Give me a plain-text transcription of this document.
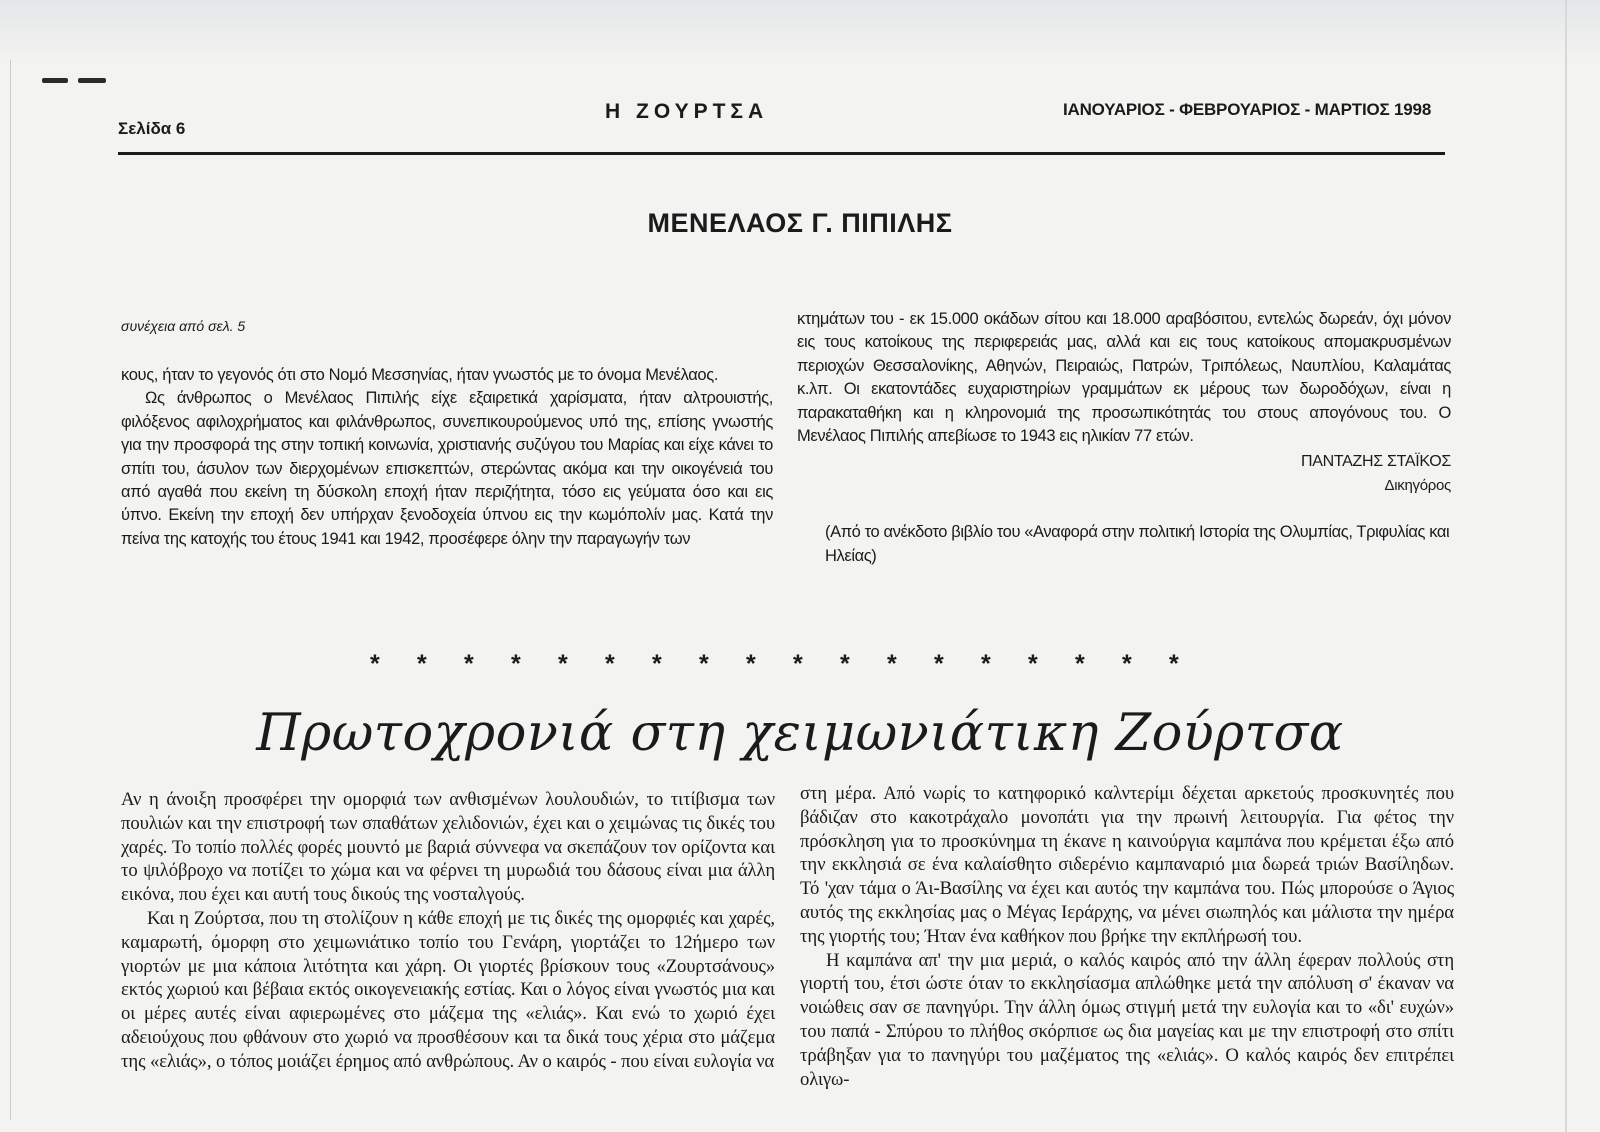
Σελίδα 6
Η ΖΟΥΡΤΣΑ	ΙΑΝΟΥΑΡΙΟΣ - ΦΕΒΡΟΥΑΡΙΟΣ - ΜΑΡΤΙΟΣ 1998
ΜΕΝΕΛΑΟΣ Γ. ΠΙΠΙΛΗΣ
συνέχεια από σελ. 5

κους, ήταν το γεγονός ότι στο Νομό Μεσσηνίας, ήταν γνωστός με το όνομα Μενέλαος.

Ως άνθρωπος ο Μενέλαος Πιπιλής είχε εξαιρετικά χαρίσματα, ήταν αλτρουιστής, φιλόξενος αφιλοχρήματος και φιλάνθρωπος, συνεπικουρούμενος υπό της, επίσης γνωστής για την προσφορά της στην τοπική κοινωνία, χριστιανής συζύγου του Μαρίας και είχε κάνει το σπίτι του, άσυλον των διερχομένων επισκεπτών, στερώντας ακόμα και την οικογένειά του από αγαθά που εκείνη τη δύσκολη εποχή ήταν περιζήτητα, τόσο εις γεύματα όσο και εις ύπνο. Εκείνη την εποχή δεν υπήρχαν ξενοδοχεία ύπνου εις την κωμόπολίν μας. Κατά την πείνα της κατοχής του έτους 1941 και 1942, προσέφερε όλην την παραγωγήν των

κτημάτων του - εκ 15.000 οκάδων σίτου και 18.000 αραβόσιτου, εντελώς δωρεάν, όχι μόνον εις τους κατοίκους της περιφερειάς μας, αλλά και εις τους κατοίκους απομακρυσμένων περιοχών Θεσσαλονίκης, Αθηνών, Πειραιώς, Πατρών, Τριπόλεως, Ναυπλίου, Καλαμάτας κ.λπ. Οι εκατοντάδες ευχαριστηρίων γραμμάτων εκ μέρους των δωροδόχων, είναι η παρακαταθήκη και η κληρονομιά της προσωπικότητάς του στους απογόνους του. Ο Μενέλαος Πιπιλής απεβίωσε το 1943 εις ηλικίαν 77 ετών.

ΠΑΝΤΑΖΗΣ ΣΤΑΪΚΟΣ
Δικηγόρος
(Από το ανέκδοτο βιβλίο του «Αναφορά στην πολιτική Ιστορία της Ολυμπίας, Τριφυλίας και Ηλείας)
* * * * * * * * * * * * * * * * * *
Πρωτοχρονιά στη χειμωνιάτικη Ζούρτσα

Αν η άνοιξη προσφέρει την ομορφιά των ανθισμένων λουλουδιών, το τιτίβισμα των πουλιών και την επιστροφή των σπαθάτων χελιδονιών, έχει και ο χειμώνας τις δικές του χαρές. Το τοπίο πολλές φορές μουντό με βαριά σύννεφα να σκεπάζουν τον ορίζοντα και το ψιλόβροχο να ποτίζει το χώμα και να φέρνει τη μυρωδιά του δάσους είναι μια άλλη εικόνα, που έχει και αυτή τους δικούς της νοσταλγούς.

Και η Ζούρτσα, που τη στολίζουν η κάθε εποχή με τις δικές της ομορφιές και χαρές, καμαρωτή, όμορφη στο χειμωνιάτικο τοπίο του Γενάρη, γιορτάζει το 12ήμερο των γιορτών με μια κάποια λιτότητα και χάρη. Οι γιορτές βρίσκουν τους «Ζουρτσάνους» εκτός χωριού και βέβαια εκτός οικογενειακής εστίας. Και ο λόγος είναι γνωστός μια και οι μέρες αυτές είναι αφιερωμένες στο μάζεμα της «ελιάς». Και ενώ το χωριό έχει αδειούχους που φθάνουν στο χωριό να προσθέσουν και τα δικά τους χέρια στο μάζεμα της «ελιάς», ο τόπος μοιάζει έρημος από ανθρώπους. Αν ο καιρός - που είναι ευλογία να

στη μέρα. Από νωρίς το κατηφορικό καλντερίμι δέχεται αρκετούς προσκυνητές που βάδιζαν στο κακοτράχαλο μονοπάτι για την πρωινή λειτουργία. Για φέτος την πρόσκληση για το προσκύνημα τη έκανε η καινούργια καμπάνα που κρέμεται έξω από την εκκλησιά σε ένα καλαίσθητο σιδερένιο καμπαναριό μια δωρεά τριών Βασίληδων. Τό 'χαν τάμα ο Άι-Βασίλης να έχει και αυτός την καμπάνα του. Πώς μπορούσε ο Άγιος αυτός της εκκλησίας μας ο Μέγας Ιεράρχης, να μένει σιωπηλός και μάλιστα την ημέρα της γιορτής του; Ήταν ένα καθήκον που βρήκε την εκπλήρωσή του.

Η καμπάνα απ' την μια μεριά, ο καλός καιρός από την άλλη έφεραν πολλούς στη γιορτή του, έτσι ώστε όταν το εκκλησίασμα απλώθηκε μετά την απόλυση σ' έκαναν να νοιώθεις σαν σε πανηγύρι. Την άλλη όμως στιγμή μετά την ευλογία και το «δι' ευχών» του παπά - Σπύρου το πλήθος σκόρπισε ως δια μαγείας και με την επιστροφή στο σπίτι τράβηξαν για το πανηγύρι του μαζέματος της «ελιάς». Ο καλός καιρός δεν επιτρέπει ολιγω-
